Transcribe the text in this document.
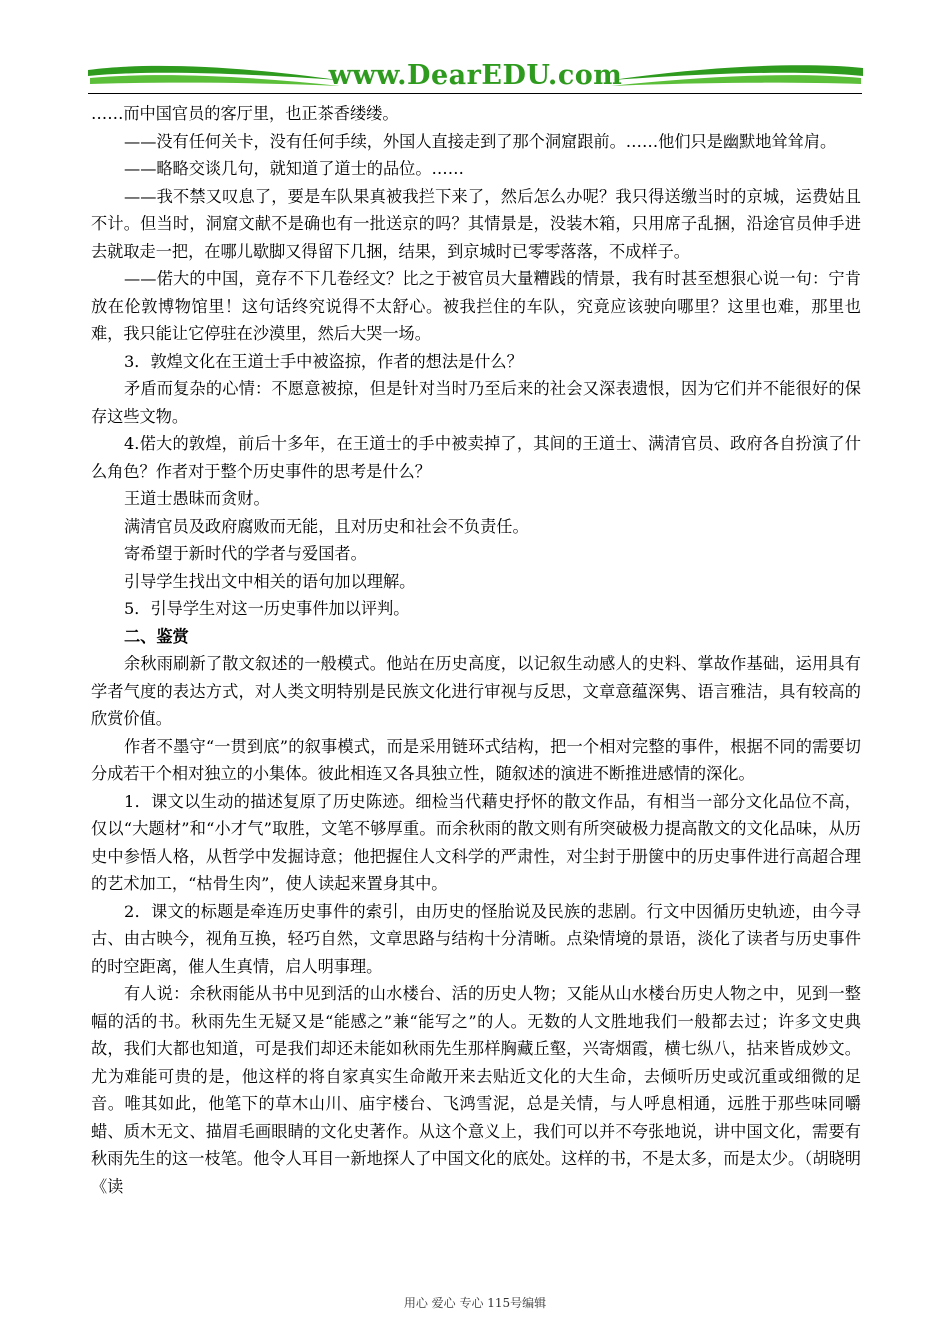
www.DearEDU.com

……而中国官员的客厅里，也正茶香缕缕。

——没有任何关卡，没有任何手续，外国人直接走到了那个洞窟跟前。……他们只是幽默地耸耸肩。

——略略交谈几句，就知道了道士的品位。……

——我不禁又叹息了，要是车队果真被我拦下来了，然后怎么办呢？我只得送缴当时的京城，运费姑且不计。但当时，洞窟文献不是确也有一批送京的吗？其情景是，没装木箱，只用席子乱捆，沿途官员伸手进去就取走一把，在哪儿歇脚又得留下几捆，结果，到京城时已零零落落，不成样子。

——偌大的中国，竟存不下几卷经文？比之于被官员大量糟践的情景，我有时甚至想狠心说一句：宁肯放在伦敦博物馆里！这句话终究说得不太舒心。被我拦住的车队，究竟应该驶向哪里？这里也难，那里也难，我只能让它停驻在沙漠里，然后大哭一场。

3．敦煌文化在王道士手中被盗掠，作者的想法是什么？

矛盾而复杂的心情：不愿意被掠，但是针对当时乃至后来的社会又深表遗恨，因为它们并不能很好的保存这些文物。

4.偌大的敦煌，前后十多年，在王道士的手中被卖掉了，其间的王道士、满清官员、政府各自扮演了什么角色？作者对于整个历史事件的思考是什么？

王道士愚昧而贪财。

满清官员及政府腐败而无能，且对历史和社会不负责任。

寄希望于新时代的学者与爱国者。

引导学生找出文中相关的语句加以理解。

5．引导学生对这一历史事件加以评判。

二、鉴赏

余秋雨刷新了散文叙述的一般模式。他站在历史高度，以记叙生动感人的史料、掌故作基础，运用具有学者气度的表达方式，对人类文明特别是民族文化进行审视与反思，文章意蕴深隽、语言雅洁，具有较高的欣赏价值。

作者不墨守“一贯到底”的叙事模式，而是采用链环式结构，把一个相对完整的事件，根据不同的需要切分成若干个相对独立的小集体。彼此相连又各具独立性，随叙述的演进不断推进感情的深化。

1．课文以生动的描述复原了历史陈迹。细检当代藉史抒怀的散文作品，有相当一部分文化品位不高，仅以“大题材”和“小才气”取胜，文笔不够厚重。而余秋雨的散文则有所突破极力提高散文的文化品味，从历史中参悟人格，从哲学中发掘诗意；他把握住人文科学的严肃性，对尘封于册箧中的历史事件进行高超合理的艺术加工，“枯骨生肉”，使人读起来置身其中。

2．课文的标题是牵连历史事件的索引，由历史的怪胎说及民族的悲剧。行文中因循历史轨迹，由今寻古、由古映今，视角互换，轻巧自然，文章思路与结构十分清晰。点染情境的景语，淡化了读者与历史事件的时空距离，催人生真情，启人明事理。

有人说：余秋雨能从书中见到活的山水楼台、活的历史人物；又能从山水楼台历史人物之中，见到一整幅的活的书。秋雨先生无疑又是“能感之”兼“能写之”的人。无数的人文胜地我们一般都去过；许多文史典故，我们大都也知道，可是我们却还未能如秋雨先生那样胸藏丘壑，兴寄烟霞，横七纵八，拈来皆成妙文。尤为难能可贵的是，他这样的将自家真实生命敞开来去贴近文化的大生命，去倾听历史或沉重或细微的足音。唯其如此，他笔下的草木山川、庙宇楼台、飞鸿雪泥，总是关情，与人呼息相通，远胜于那些味同嚼蜡、质木无文、描眉毛画眼睛的文化史著作。从这个意义上，我们可以并不夸张地说，讲中国文化，需要有秋雨先生的这一枝笔。他令人耳目一新地探人了中国文化的底处。这样的书，不是太多，而是太少。（胡晓明《读

用心 爱心 专心 115号编辑
